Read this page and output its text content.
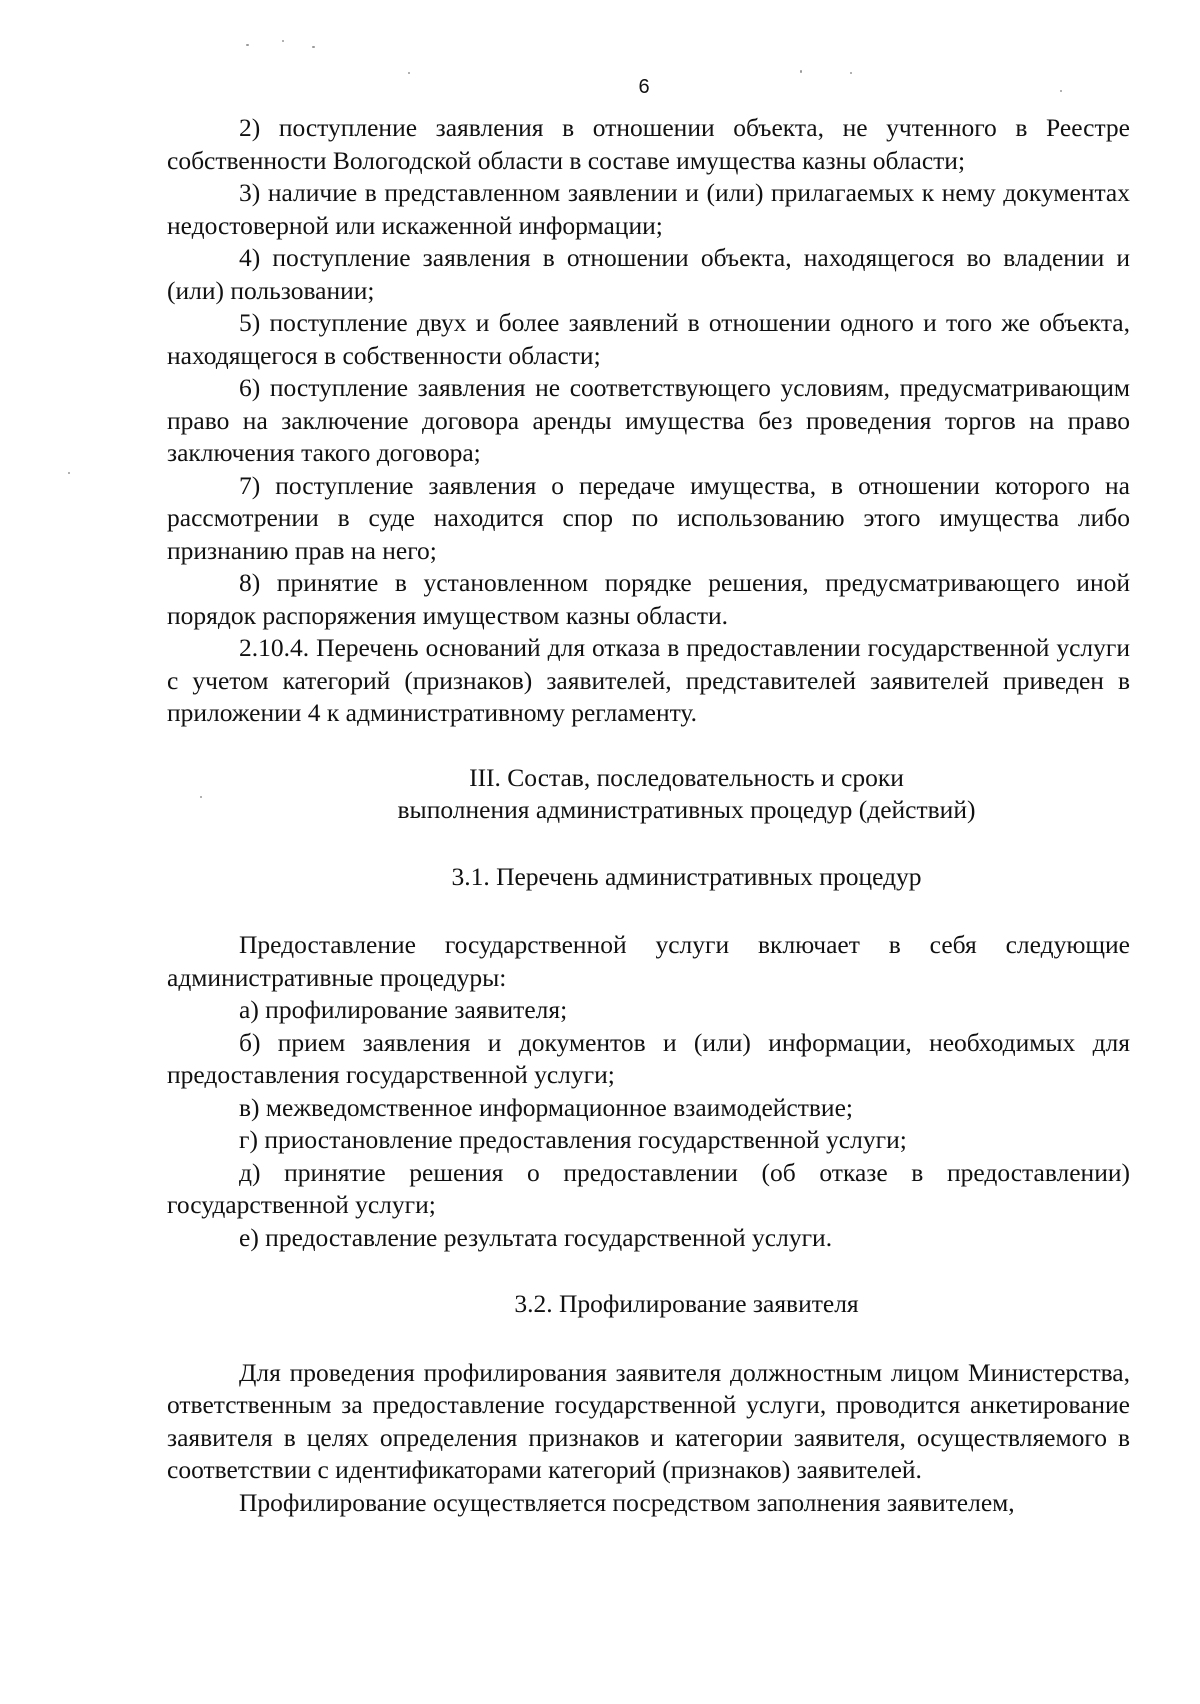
6

2) поступление заявления в отношении объекта, не учтенного в Реестре собственности Вологодской области в составе имущества казны области;

3) наличие в представленном заявлении и (или) прилагаемых к нему документах недостоверной или искаженной информации;

4) поступление заявления в отношении объекта, находящегося во владении и (или) пользовании;

5) поступление двух и более заявлений в отношении одного и того же объекта, находящегося в собственности области;

6) поступление заявления не соответствующего условиям, предусматривающим право на заключение договора аренды имущества без проведения торгов на право заключения такого договора;

7) поступление заявления о передаче имущества, в отношении которого на рассмотрении в суде находится спор по использованию этого имущества либо признанию прав на него;

8) принятие в установленном порядке решения, предусматривающего иной порядок распоряжения имуществом казны области.

2.10.4. Перечень оснований для отказа в предоставлении государственной услуги с учетом категорий (признаков) заявителей, представителей заявителей приведен в приложении 4 к административному регламенту.

III. Состав, последовательность и сроки

выполнения административных процедур (действий)

3.1. Перечень административных процедур

Предоставление государственной услуги включает в себя следующие административные процедуры:

а) профилирование заявителя;

б) прием заявления и документов и (или) информации, необходимых для предоставления государственной услуги;

в) межведомственное информационное взаимодействие;

г) приостановление предоставления государственной услуги;

д) принятие решения о предоставлении (об отказе в предоставлении) государственной услуги;

е) предоставление результата государственной услуги.

3.2. Профилирование заявителя

Для проведения профилирования заявителя должностным лицом Министерства, ответственным за предоставление государственной услуги, проводится анкетирование заявителя в целях определения признаков и категории заявителя, осуществляемого в соответствии с идентификаторами категорий (признаков) заявителей.

Профилирование осуществляется посредством заполнения заявителем,
